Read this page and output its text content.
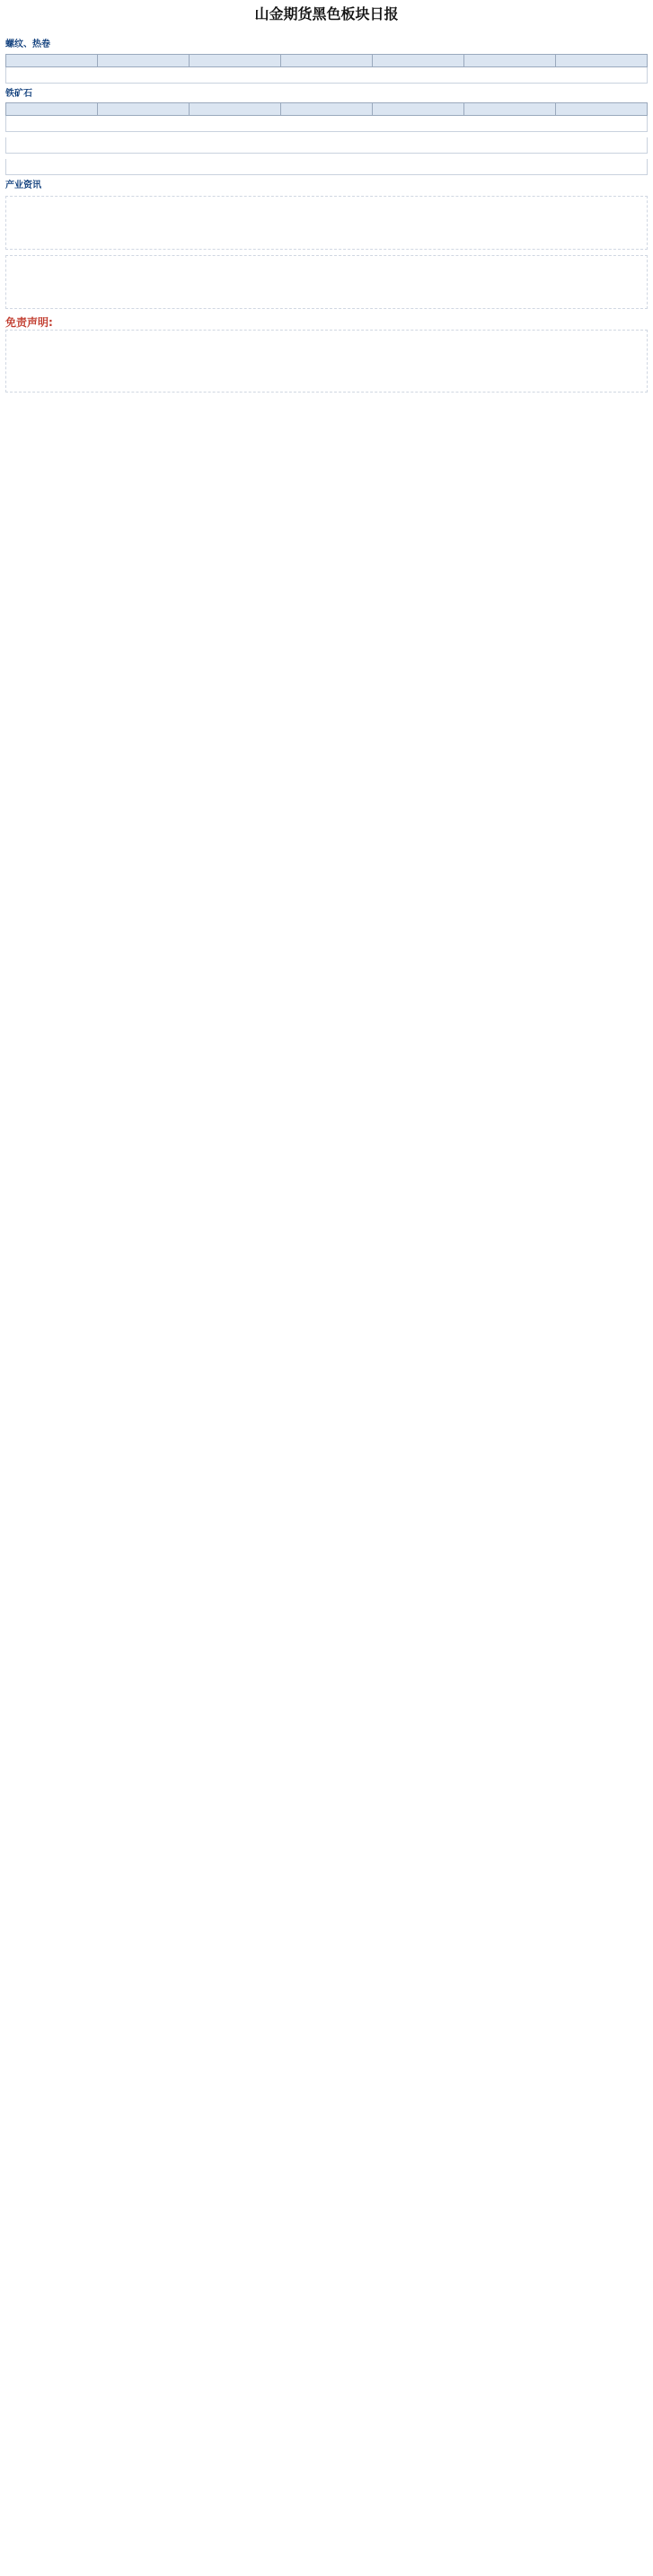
山金期货黑色板块日报
螺纹、热卷

铁矿石

产业资讯
免责声明:
